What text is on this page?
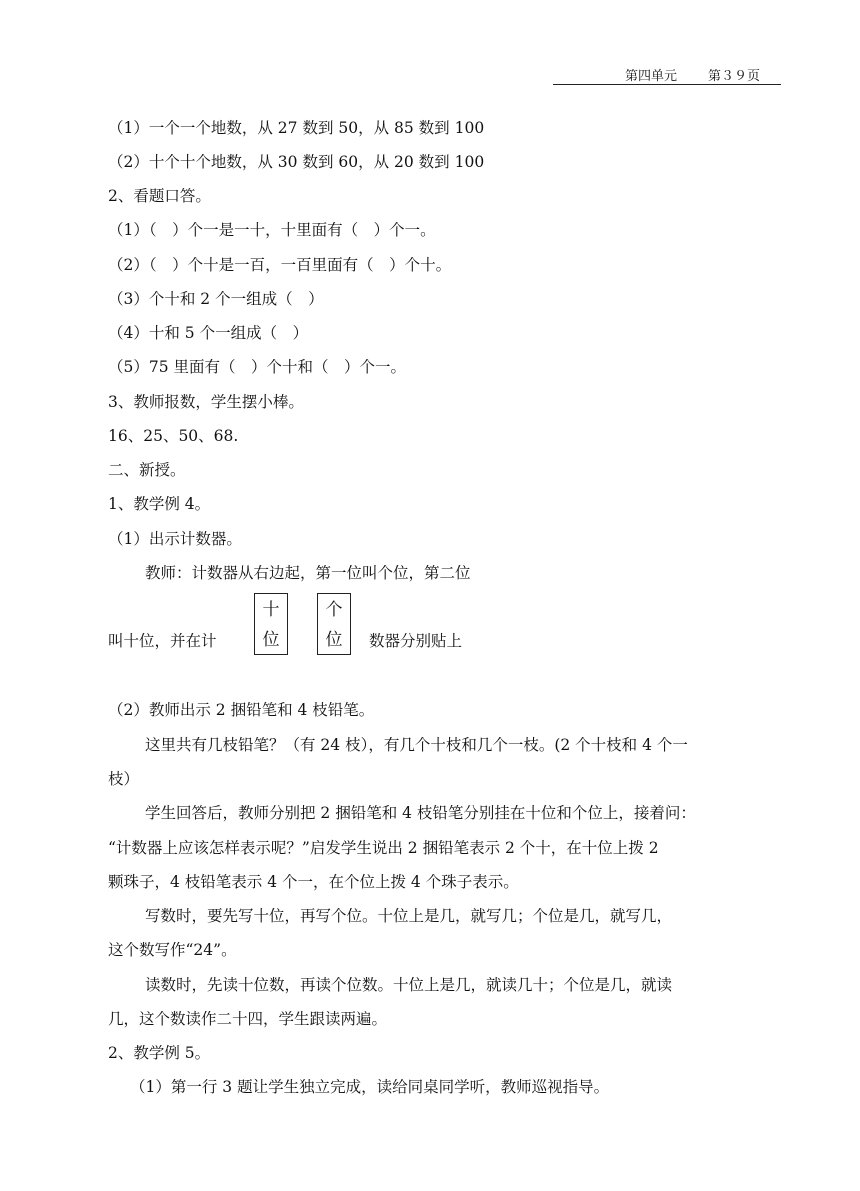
第四单元 第３９页
（1）一个一个地数，从 27 数到 50，从 85 数到 100
（2）十个十个地数，从 30 数到 60，从 20 数到 100
2、看题口答。
（1）（　）个一是一十，十里面有（　）个一。
（2）（　）个十是一百，一百里面有（　）个十。
（3）个十和 2 个一组成（　）
（4）十和 5 个一组成（　）
（5）75 里面有（　）个十和（　）个一。
3、教师报数，学生摆小棒。
16、25、50、68.
二、新授。
1、教学例 4。
（1）出示计数器。
教师：计数器从右边起，第一位叫个位，第二位
叫十位，并在计
十
位
个
位	数器分别贴上
（2）教师出示 2 捆铅笔和 4 枝铅笔。
这里共有几枝铅笔？（有 24 枝），有几个十枝和几个一枝。(2 个十枝和 4 个一
枝）
学生回答后，教师分别把 2 捆铅笔和 4 枝铅笔分别挂在十位和个位上，接着问：
“计数器上应该怎样表示呢？”启发学生说出 2 捆铅笔表示 2 个十，在十位上拨 2
颗珠子，4 枝铅笔表示 4 个一，在个位上拨 4 个珠子表示。
写数时，要先写十位，再写个位。十位上是几，就写几；个位是几，就写几，
这个数写作“24”。
读数时，先读十位数，再读个位数。十位上是几，就读几十；个位是几，就读
几，这个数读作二十四，学生跟读两遍。
2、教学例 5。
（1）第一行 3 题让学生独立完成，读给同桌同学听，教师巡视指导。
